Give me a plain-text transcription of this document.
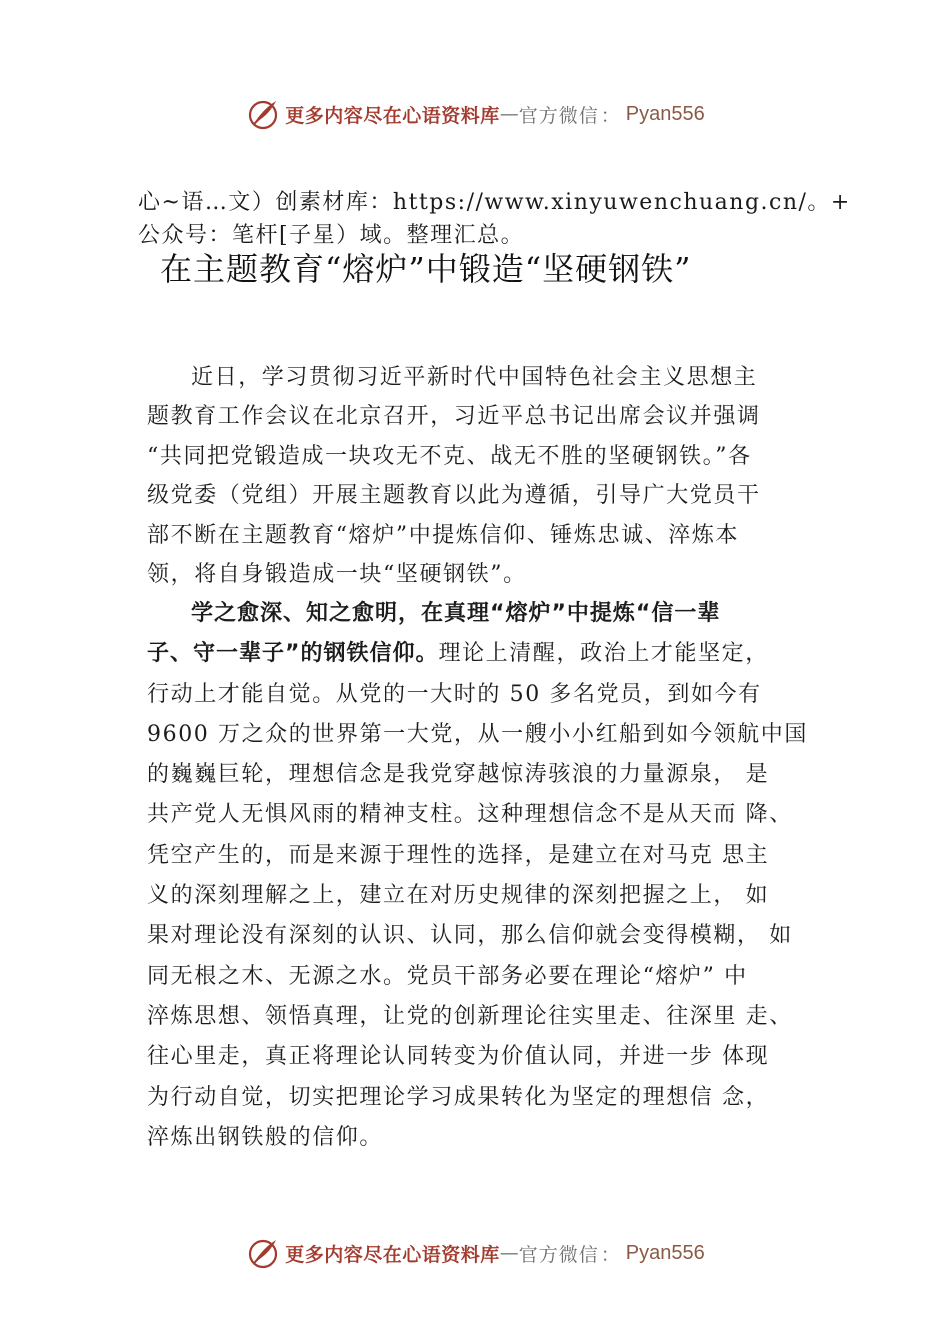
更多内容尽在心语资料库 — 官方微信 ： Pyan556
心~语…文）创素材库：https://www.xinyuwenchuang.cn/。+
公众号：笔杆[子星）域。整理汇总。
在主题教育“熔炉”中锻造“坚硬钢铁”
近日，学习贯彻习近平新时代中国特色社会主义思想主
题教育工作会议在北京召开，习近平总书记出席会议并强调
“共同把党锻造成一块攻无不克、战无不胜的坚硬钢铁。”各
级党委（党组）开展主题教育以此为遵循，引导广大党员干
部不断在主题教育“熔炉”中提炼信仰、锤炼忠诚、淬炼本
领，将自身锻造成一块“坚硬钢铁”。
学之愈深、知之愈明，在真理“熔炉”中提炼“信一辈
子、守一辈子”的钢铁信仰。理论上清醒，政治上才能坚定，
行动上才能自觉。从党的一大时的 50 多名党员，到如今有
9600 万之众的世界第一大党，从一艘小小红船到如今领航中国
的巍巍巨轮，理想信念是我党穿越惊涛骇浪的力量源泉， 是
共产党人无惧风雨的精神支柱。这种理想信念不是从天而 降、
凭空产生的，而是来源于理性的选择，是建立在对马克 思主
义的深刻理解之上，建立在对历史规律的深刻把握之上， 如
果对理论没有深刻的认识、认同，那么信仰就会变得模糊， 如
同无根之木、无源之水。党员干部务必要在理论“熔炉” 中
淬炼思想、领悟真理，让党的创新理论往实里走、往深里 走、
往心里走，真正将理论认同转变为价值认同，并进一步 体现
为行动自觉，切实把理论学习成果转化为坚定的理想信 念，
淬炼出钢铁般的信仰。
更多内容尽在心语资料库 — 官方微信 ： Pyan556
